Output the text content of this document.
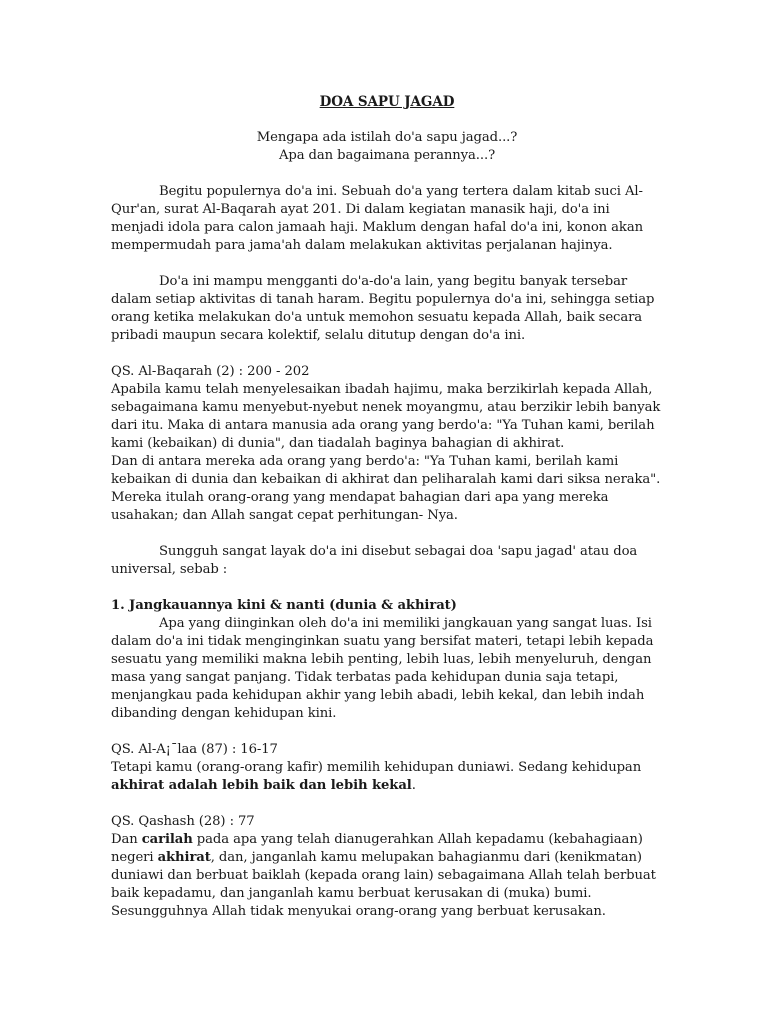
DOA SAPU JAGAD

Mengapa ada istilah do'a sapu jagad...?

Apa dan bagaimana perannya...?

Begitu populernya do'a ini. Sebuah do'a yang tertera dalam kitab suci Al-Qur'an, surat Al-Baqarah ayat 201. Di dalam kegiatan manasik haji, do'a ini menjadi idola para calon jamaah haji. Maklum dengan hafal do'a ini, konon akan mempermudah para jama'ah dalam melakukan aktivitas perjalanan hajinya.

Do'a ini mampu mengganti do'a-do'a lain, yang begitu banyak tersebar dalam setiap aktivitas di tanah haram. Begitu populernya do'a ini, sehingga setiap orang ketika melakukan do'a untuk memohon sesuatu kepada Allah, baik secara pribadi maupun secara kolektif, selalu ditutup dengan do'a ini.

QS. Al-Baqarah (2) : 200 - 202

Apabila kamu telah menyelesaikan ibadah hajimu, maka berzikirlah kepada Allah, sebagaimana kamu menyebut-nyebut nenek moyangmu, atau berzikir lebih banyak dari itu. Maka di antara manusia ada orang yang berdo'a: "Ya Tuhan kami, berilah kami (kebaikan) di dunia", dan tiadalah baginya bahagian di akhirat.

Dan di antara mereka ada orang yang berdo'a: "Ya Tuhan kami, berilah kami kebaikan di dunia dan kebaikan di akhirat dan peliharalah kami dari siksa neraka". Mereka itulah orang-orang yang mendapat bahagian dari apa yang mereka usahakan; dan Allah sangat cepat perhitungan- Nya.

Sungguh sangat layak do'a ini disebut sebagai doa 'sapu jagad' atau doa universal, sebab :

1. Jangkauannya kini & nanti (dunia & akhirat)

Apa yang diinginkan oleh do'a ini memiliki jangkauan yang sangat luas. Isi dalam do'a ini tidak menginginkan suatu yang bersifat materi, tetapi lebih kepada sesuatu yang memiliki makna lebih penting, lebih luas, lebih menyeluruh, dengan masa yang sangat panjang. Tidak terbatas pada kehidupan dunia saja tetapi, menjangkau pada kehidupan akhir yang lebih abadi, lebih kekal, dan lebih indah dibanding dengan kehidupan kini.

QS. Al-A¡¯laa (87) : 16-17

Tetapi kamu (orang-orang kafir) memilih kehidupan duniawi. Sedang kehidupan akhirat adalah lebih baik dan lebih kekal.

QS. Qashash (28) : 77

Dan carilah pada apa yang telah dianugerahkan Allah kepadamu (kebahagiaan) negeri akhirat, dan, janganlah kamu melupakan bahagianmu dari (kenikmatan) duniawi dan berbuat baiklah (kepada orang lain) sebagaimana Allah telah berbuat baik kepadamu, dan janganlah kamu berbuat kerusakan di (muka) bumi. Sesungguhnya Allah tidak menyukai orang-orang yang berbuat kerusakan.
